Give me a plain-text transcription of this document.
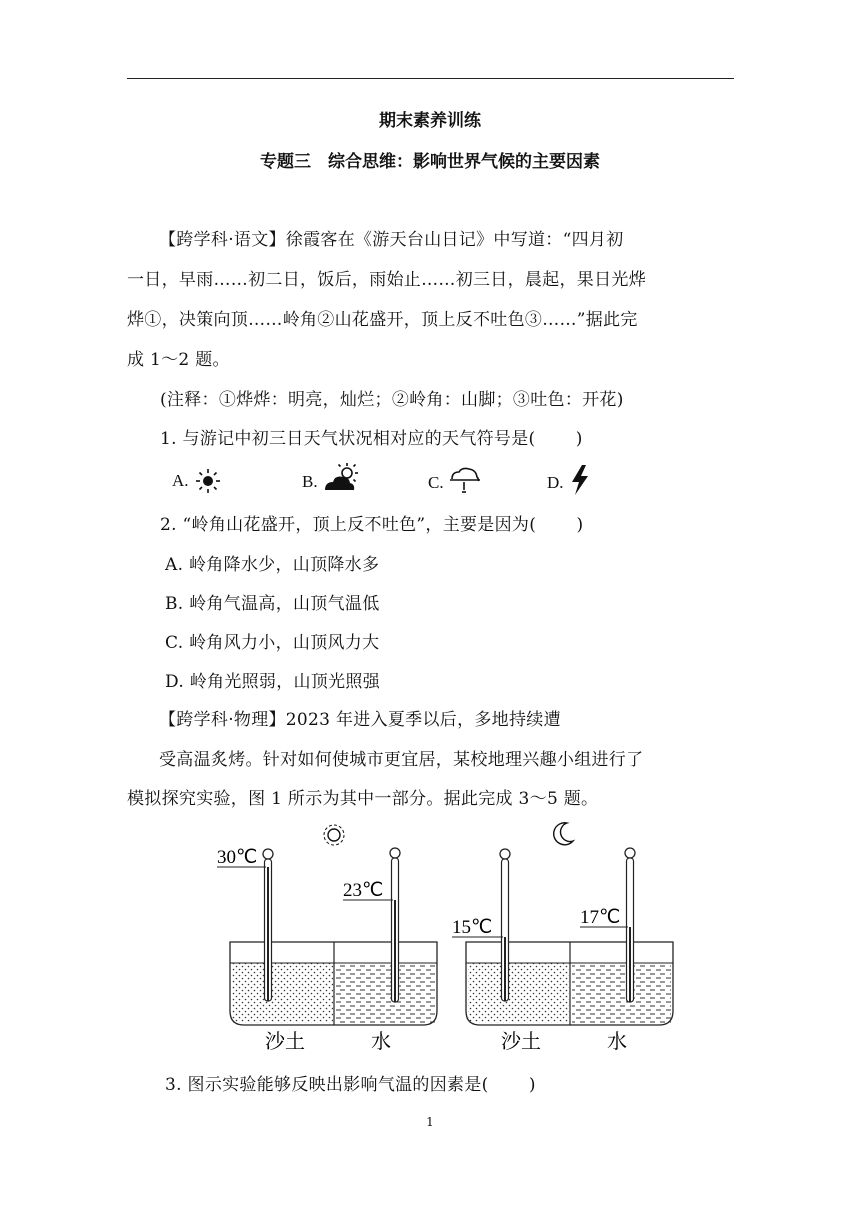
期末素养训练
专题三　综合思维：影响世界气候的主要因素
【跨学科·语文】徐霞客在《游天台山日记》中写道：“四月初
一日，早雨……初二日，饭后，雨始止……初三日，晨起，果日光烨
烨①，决策向顶……岭角②山花盛开，顶上反不吐色③……”据此完
成 1～2 题。
(注释：①烨烨：明亮，灿烂；②岭角：山脚；③吐色：开花)
1. 与游记中初三日天气状况相对应的天气符号是(　　 )
A.	B.	C.	D.
2. “岭角山花盛开，顶上反不吐色”，主要是因为(　　 )
A. 岭角降水少，山顶降水多
B. 岭角气温高，山顶气温低
C. 岭角风力小，山顶风力大
D. 岭角光照弱，山顶光照强
【跨学科·物理】2023 年进入夏季以后，多地持续遭
受高温炙烤。针对如何使城市更宜居，某校地理兴趣小组进行了
模拟探究实验，图 1 所示为其中一部分。据此完成 3～5 题。
30℃
23℃
沙土	水
15℃	17℃
沙土	水
3. 图示实验能够反映出影响气温的因素是(　　 )
1
